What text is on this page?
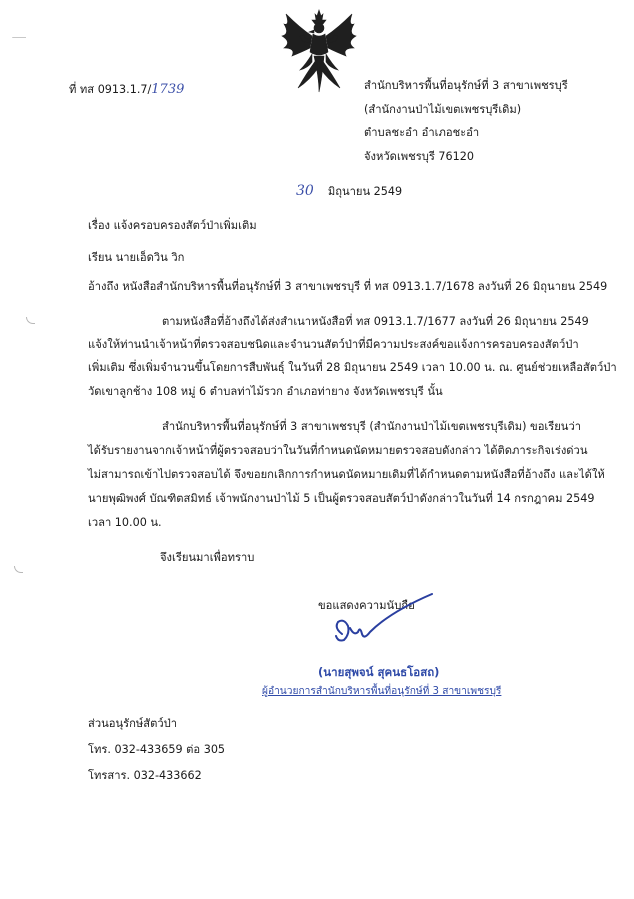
ที่ ทส 0913.1.7/1739	สำนักบริหารพื้นที่อนุรักษ์ที่ 3 สาขาเพชรบุรี
(สำนักงานป่าไม้เขตเพชรบุรีเดิม)
ตำบลชะอำ อำเภอชะอำ
จังหวัดเพชรบุรี 76120
30 มิถุนายน 2549
เรื่อง แจ้งครอบครองสัตว์ป่าเพิ่มเติม
เรียน นายเอ็ดวิน วิก
อ้างถึง หนังสือสำนักบริหารพื้นที่อนุรักษ์ที่ 3 สาขาเพชรบุรี ที่ ทส 0913.1.7/1678 ลงวันที่ 26 มิถุนายน 2549
ตามหนังสือที่อ้างถึงได้ส่งสำเนาหนังสือที่ ทส 0913.1.7/1677 ลงวันที่ 26 มิถุนายน 2549
แจ้งให้ท่านนำเจ้าหน้าที่ตรวจสอบชนิดและจำนวนสัตว์ป่าที่มีความประสงค์ขอแจ้งการครอบครองสัตว์ป่า
เพิ่มเติม ซึ่งเพิ่มจำนวนขึ้นโดยการสืบพันธุ์ ในวันที่ 28 มิถุนายน 2549 เวลา 10.00 น. ณ. ศูนย์ช่วยเหลือสัตว์ป่า
วัดเขาลูกช้าง 108 หมู่ 6 ตำบลท่าไม้รวก อำเภอท่ายาง จังหวัดเพชรบุรี นั้น
สำนักบริหารพื้นที่อนุรักษ์ที่ 3 สาขาเพชรบุรี (สำนักงานป่าไม้เขตเพชรบุรีเดิม) ขอเรียนว่า
ได้รับรายงานจากเจ้าหน้าที่ผู้ตรวจสอบว่าในวันที่กำหนดนัดหมายตรวจสอบดังกล่าว ได้ติดภาระกิจเร่งด่วน
ไม่สามารถเข้าไปตรวจสอบได้ จึงขอยกเลิกการกำหนดนัดหมายเดิมที่ได้กำหนดตามหนังสือที่อ้างถึง และได้ให้
นายพุฒิพงศ์ บัณฑิตสมิทธ์ เจ้าพนักงานป่าไม้ 5 เป็นผู้ตรวจสอบสัตว์ป่าดังกล่าวในวันที่ 14 กรกฎาคม 2549
เวลา 10.00 น.
จึงเรียนมาเพื่อทราบ
ขอแสดงความนับถือ
(นายสุพจน์ สุคนธโอสถ)
ผู้อำนวยการสำนักบริหารพื้นที่อนุรักษ์ที่ 3 สาขาเพชรบุรี
ส่วนอนุรักษ์สัตว์ป่า
โทร. 032-433659 ต่อ 305
โทรสาร. 032-433662
